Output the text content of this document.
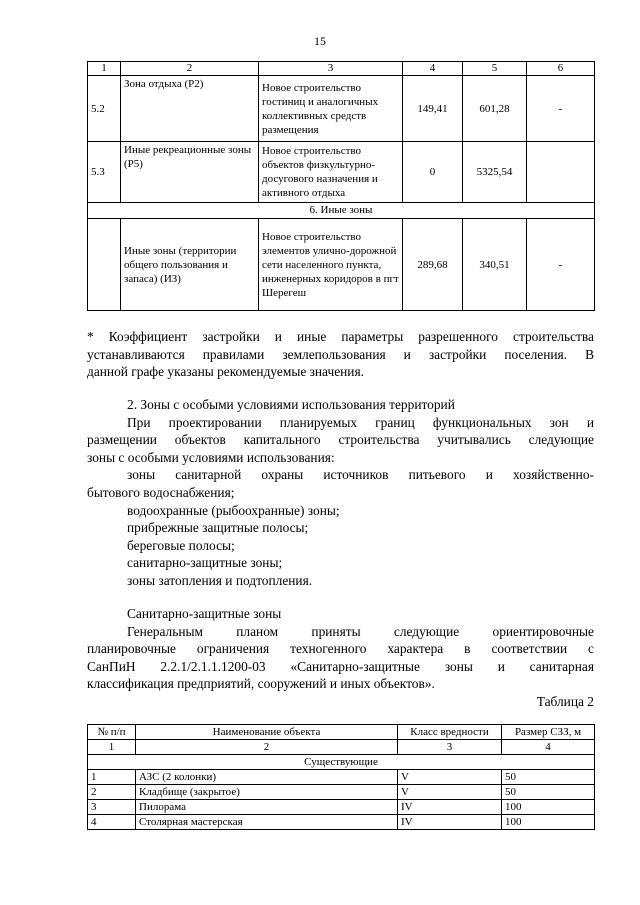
15
1	2	3	4	5	6
5.2	Зона отдыха (Р2)	Новое строительство гостиниц и аналогичных коллективных средств размещения	149,41	601,28	-
5.3	Иные рекреационные зоны (Р5)	Новое строительство объектов физкультурно-досугового назначения и активного отдыха	0	5325,54	
6. Иные зоны					
	Иные зоны (территории общего пользования и запаса) (ИЗ)	Новое строительство элементов улично-дорожной сети населенного пункта, инженерных коридоров в пгт Шерегеш	289,68	340,51	-
* Коэффициент застройки и иные параметры разрешенного строительства
устанавливаются правилами землепользования и застройки поселения. В
данной графе указаны рекомендуемые значения.
2. Зоны с особыми условиями использования территорий
При проектировании планируемых границ функциональных зон и
размещении объектов капитального строительства учитывались следующие
зоны с особыми условиями использования:
зоны санитарной охраны источников питьевого и хозяйственно-
бытового водоснабжения;
водоохранные (рыбоохранные) зоны;
прибрежные защитные полосы;
береговые полосы;
санитарно-защитные зоны;
зоны затопления и подтопления.
Санитарно-защитные зоны
Генеральным планом приняты следующие ориентировочные
планировочные ограничения техногенного характера в соответствии с
СанПиН 2.2.1/2.1.1.1200-03 «Санитарно-защитные зоны и санитарная
классификация предприятий, сооружений и иных объектов».
Таблица 2
№ п/п	Наименование объекта	Класс вредности	Размер СЗЗ, м
1	2	3	4
Существующие			
1	АЗС (2 колонки)	V	50
2	Кладбище (закрытое)	V	50
3	Пилорама	IV	100
4	Столярная мастерская	IV	100
